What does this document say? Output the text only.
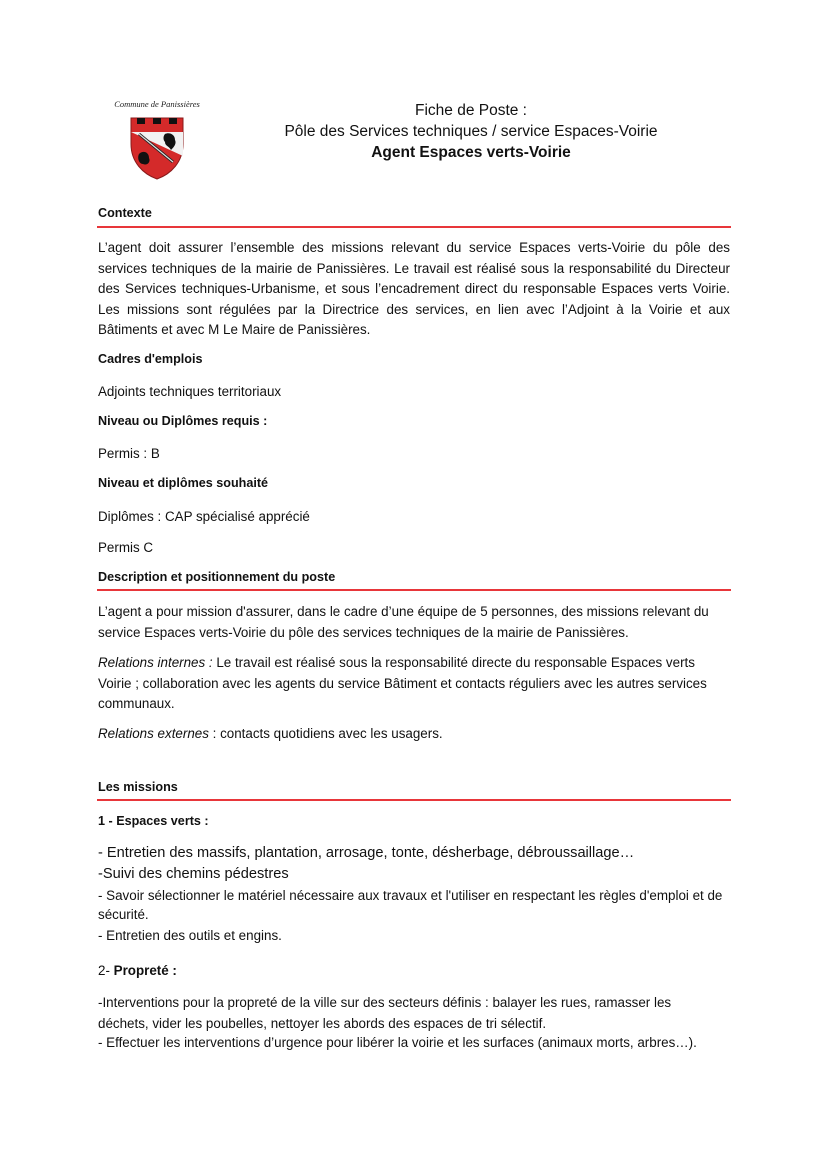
Commune de Panissières	Fiche de Poste :
Pôle des Services techniques / service Espaces-Voirie
Agent Espaces verts-Voirie
Contexte
L’agent doit assurer l’ensemble des missions relevant du service Espaces verts-Voirie du pôle des services techniques de la mairie de Panissières. Le travail est réalisé sous la responsabilité du Directeur des Services techniques-Urbanisme, et sous l’encadrement direct du responsable Espaces verts Voirie. Les missions sont régulées par la Directrice des services, en lien avec l’Adjoint à la Voirie et aux Bâtiments et avec M Le Maire de Panissières.
Cadres d'emplois
Adjoints techniques territoriaux
Niveau ou Diplômes requis :
Permis : B
Niveau et diplômes souhaité
Diplômes : CAP spécialisé apprécié
Permis C
Description et positionnement du poste
L’agent a pour mission d'assurer, dans le cadre d’une équipe de 5 personnes, des missions relevant du service Espaces verts-Voirie du pôle des services techniques de la mairie de Panissières.
Relations internes : Le travail est réalisé sous la responsabilité directe du responsable Espaces verts Voirie ; collaboration avec les agents du service Bâtiment et contacts réguliers avec les autres services communaux.
Relations externes : contacts quotidiens avec les usagers.
Les missions
1 - Espaces verts :
- Entretien des massifs, plantation, arrosage, tonte, désherbage, débroussaillage…
-Suivi des chemins pédestres
- Savoir sélectionner le matériel nécessaire aux travaux et l'utiliser en respectant les règles d'emploi et de sécurité.
- Entretien des outils et engins.
2- Propreté :
-Interventions pour la propreté de la ville sur des secteurs définis : balayer les rues, ramasser les déchets, vider les poubelles, nettoyer les abords des espaces de tri sélectif.
- Effectuer les interventions d’urgence pour libérer la voirie et les surfaces (animaux morts, arbres…).
